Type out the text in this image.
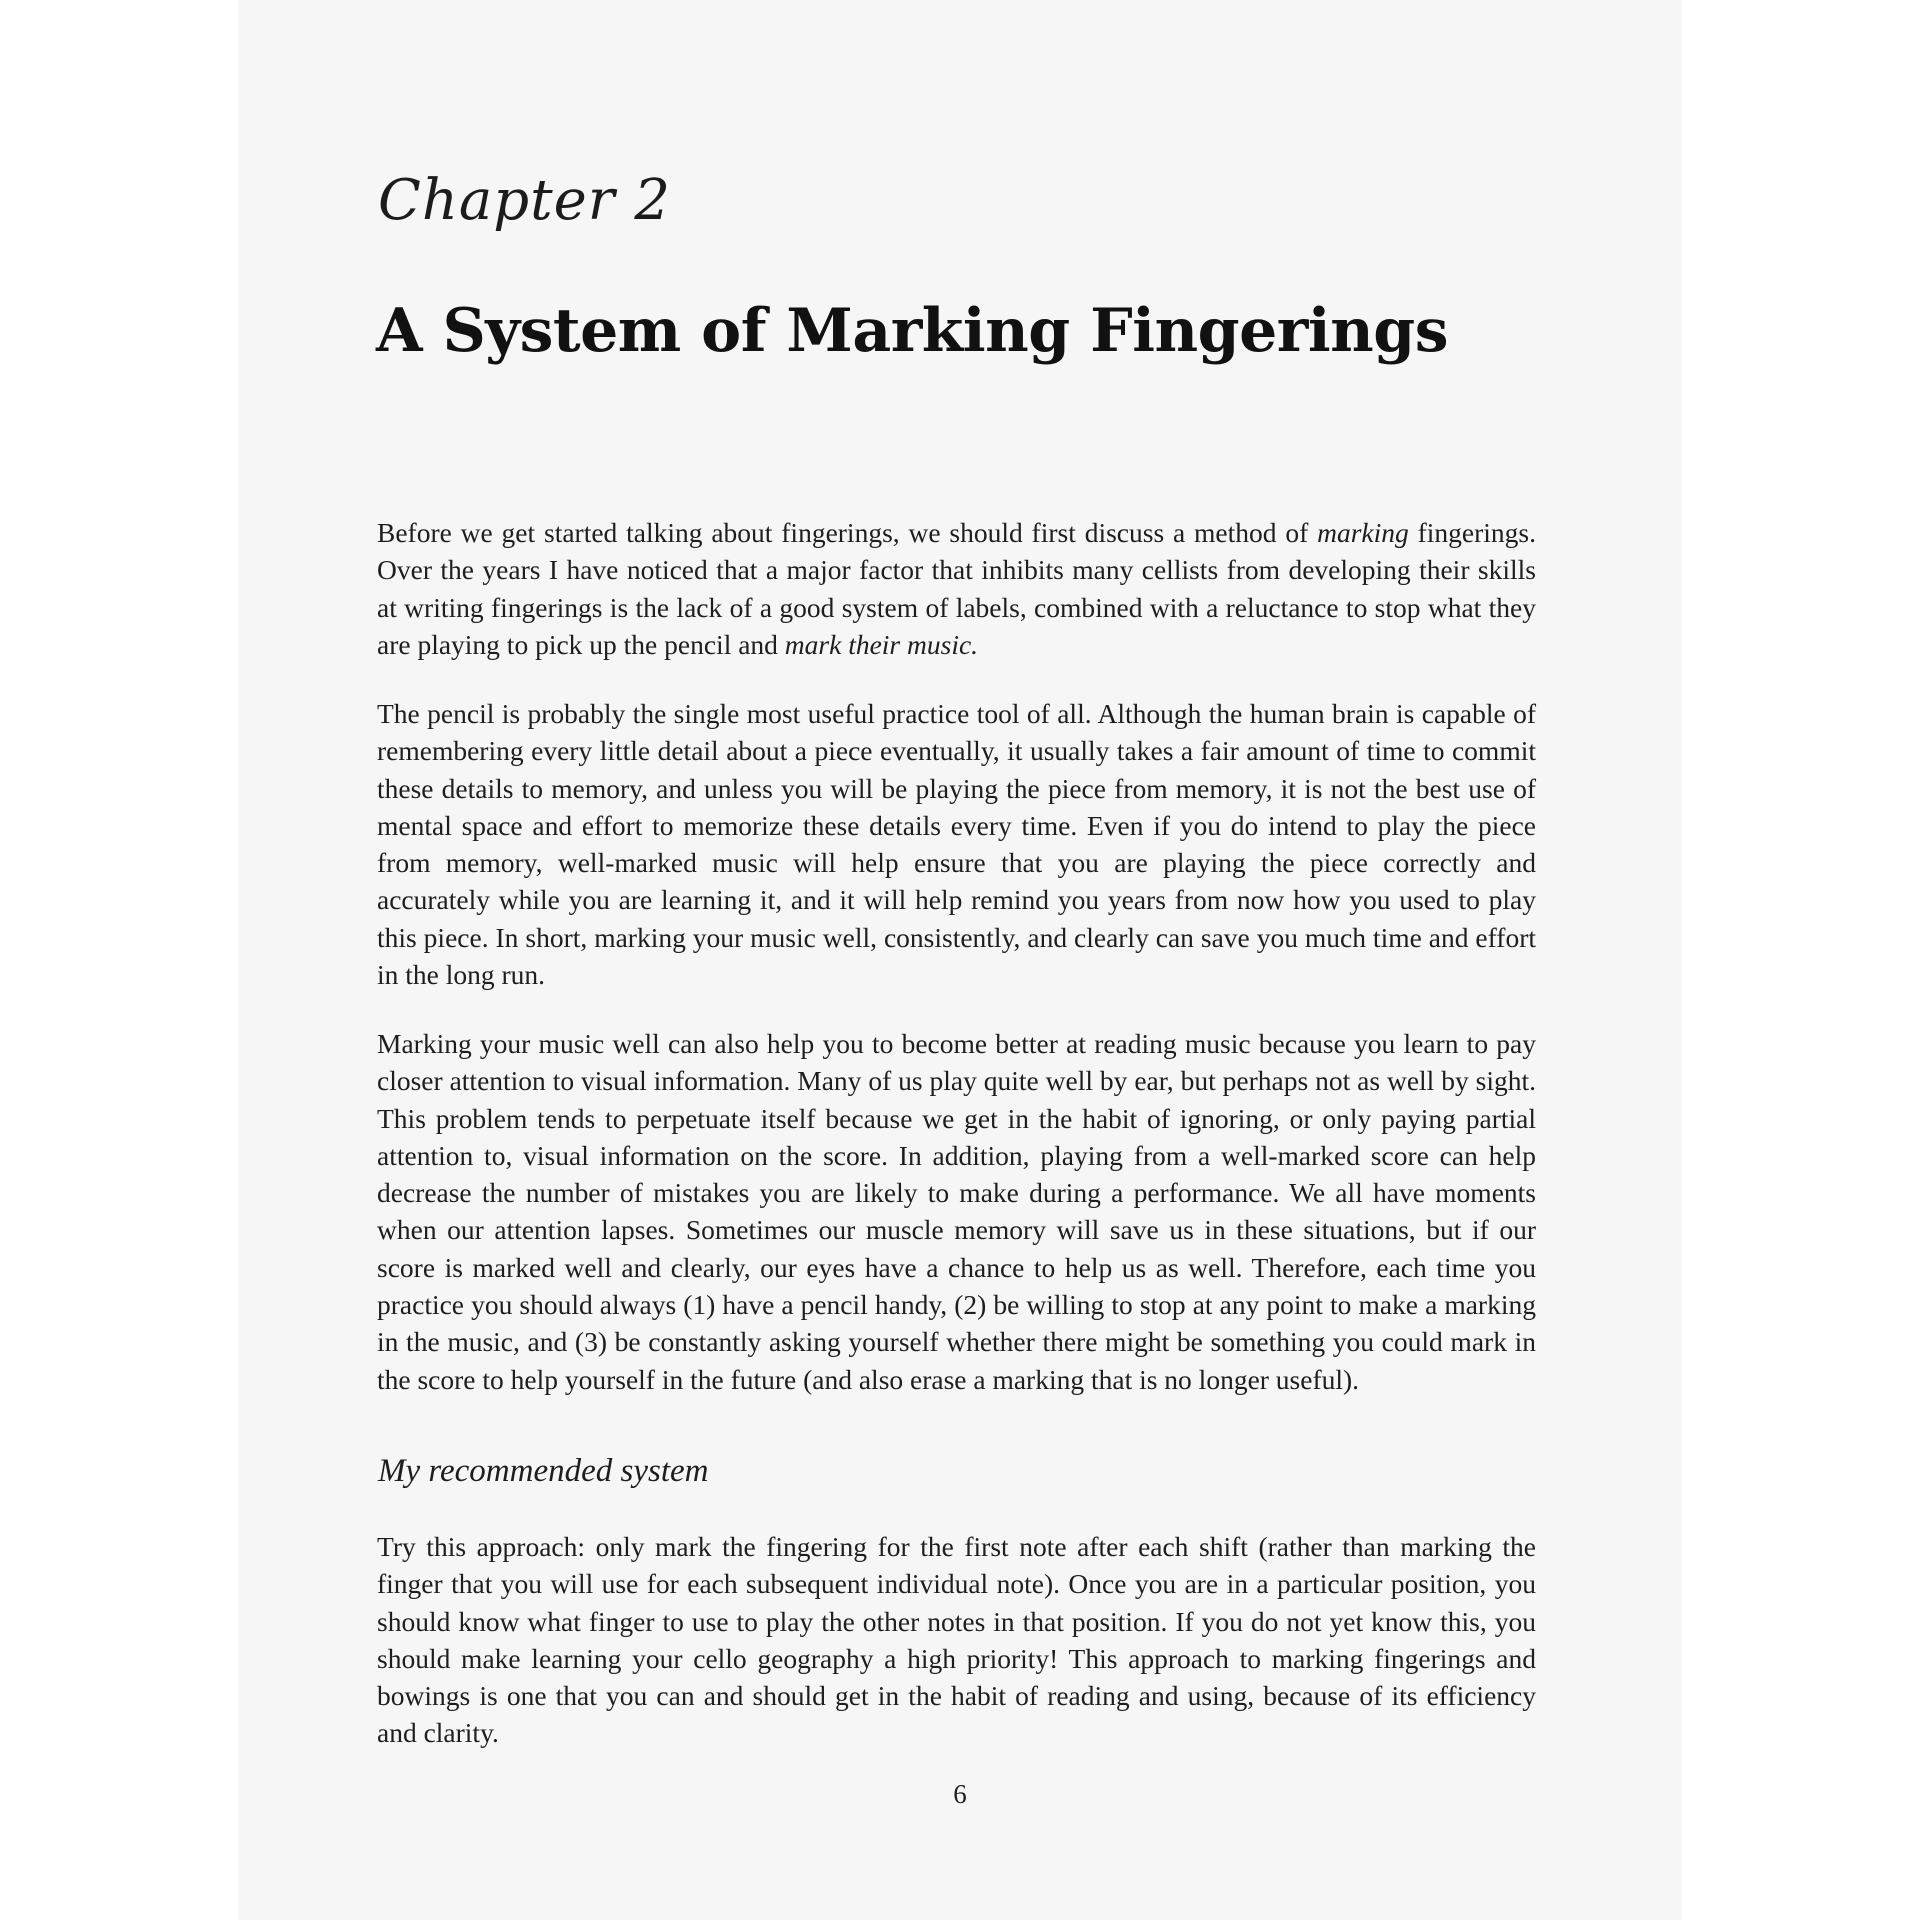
Chapter 2
A System of Marking Fingerings

Before we get started talking about fingerings, we should first discuss a method of marking fingerings. Over the years I have noticed that a major factor that inhibits many cellists from developing their skills at writing fingerings is the lack of a good system of labels, combined with a reluctance to stop what they are playing to pick up the pencil and mark their music.

The pencil is probably the single most useful practice tool of all. Although the human brain is capable of remembering every little detail about a piece eventually, it usually takes a fair amount of time to commit these details to memory, and unless you will be playing the piece from memory, it is not the best use of mental space and effort to memorize these details every time. Even if you do intend to play the piece from memory, well-marked music will help ensure that you are playing the piece correctly and accurately while you are learning it, and it will help remind you years from now how you used to play this piece. In short, marking your music well, consistently, and clearly can save you much time and effort in the long run.

Marking your music well can also help you to become better at reading music because you learn to pay closer attention to visual information. Many of us play quite well by ear, but perhaps not as well by sight. This problem tends to perpetuate itself because we get in the habit of ignoring, or only paying partial attention to, visual information on the score. In addition, playing from a well-marked score can help decrease the number of mistakes you are likely to make during a performance. We all have moments when our attention lapses. Sometimes our muscle memory will save us in these situations, but if our score is marked well and clearly, our eyes have a chance to help us as well. Therefore, each time you practice you should always (1) have a pencil handy, (2) be willing to stop at any point to make a marking in the music, and (3) be constantly asking yourself whether there might be something you could mark in the score to help yourself in the future (and also erase a marking that is no longer useful).

My recommended system

Try this approach: only mark the fingering for the first note after each shift (rather than marking the finger that you will use for each subsequent individual note). Once you are in a particular position, you should know what finger to use to play the other notes in that position. If you do not yet know this, you should make learning your cello geography a high priority! This approach to marking fingerings and bowings is one that you can and should get in the habit of reading and using, because of its efficiency and clarity.

6
